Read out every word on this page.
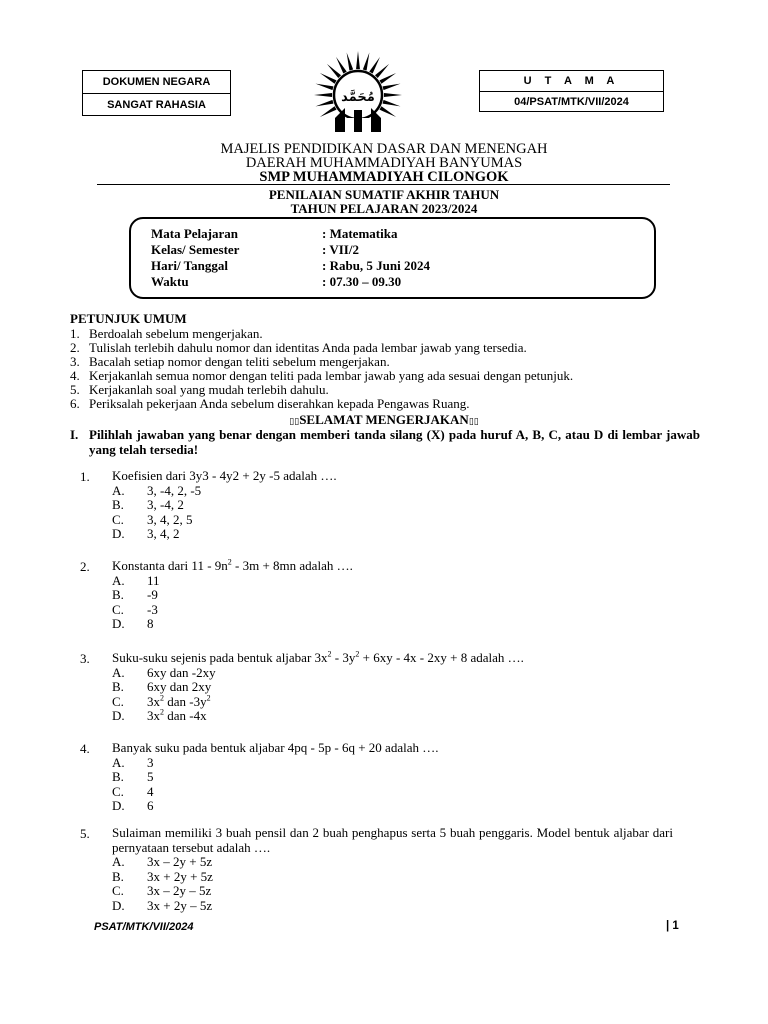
DOKUMEN NEGARA
SANGAT RAHASIA
U T A M A
04/PSAT/MTK/VII/2024
مُحَمَّد
MAJELIS PENDIDIKAN DASAR DAN MENENGAH
DAERAH MUHAMMADIYAH BANYUMAS
SMP MUHAMMADIYAH CILONGOK
PENILAIAN SUMATIF AKHIR TAHUN
TAHUN PELAJARAN 2023/2024
Mata Pelajaran	: Matematika
Kelas/ Semester	: VII/2
Hari/ Tanggal	: Rabu, 5 Juni 2024
Waktu	: 07.30 – 09.30
PETUNJUK UMUM
1. Berdoalah sebelum mengerjakan.
2. Tulislah terlebih dahulu nomor dan identitas Anda pada lembar jawab yang tersedia.
3. Bacalah setiap nomor dengan teliti sebelum mengerjakan.
4. Kerjakanlah semua nomor dengan teliti pada lembar jawab yang ada sesuai dengan petunjuk.
5. Kerjakanlah soal yang mudah terlebih dahulu.
6. Periksalah pekerjaan Anda sebelum diserahkan kepada Pengawas Ruang.
▯▯SELAMAT MENGERJAKAN▯▯
I. Pilihlah jawaban yang benar dengan memberi tanda silang (X) pada huruf A, B, C, atau D di lembar jawab yang telah tersedia!
1. Koefisien dari 3y3 - 4y2 + 2y -5 adalah ….
A. 3, -4, 2, -5
B. 3, -4, 2
C. 3, 4, 2, 5
D. 3, 4, 2
2. Konstanta dari $11 - 9n^2 - 3m + 8mn$ adalah ….
A. 11
B. -9
C. -3
D. 8
3. Suku-suku sejenis pada bentuk aljabar $3x^2 - 3y^2 + 6xy - 4x - 2xy + 8$ adalah ….
A. 6xy dan -2xy
B. 6xy dan 2xy
C. $3x^2$ dan $-3y^2$
D. $3x^2$ dan -4x
4. Banyak suku pada bentuk aljabar 4pq - 5p - 6q + 20 adalah ….
A. 3
B. 5
C. 4
D. 6
5. Sulaiman memiliki 3 buah pensil dan 2 buah penghapus serta 5 buah penggaris. Model bentuk aljabar dari pernyataan tersebut adalah ….
A. 3x – 2y + 5z
B. 3x + 2y + 5z
C. 3x – 2y – 5z
D. 3x + 2y – 5z
PSAT/MTK/VII/2024	| 1
